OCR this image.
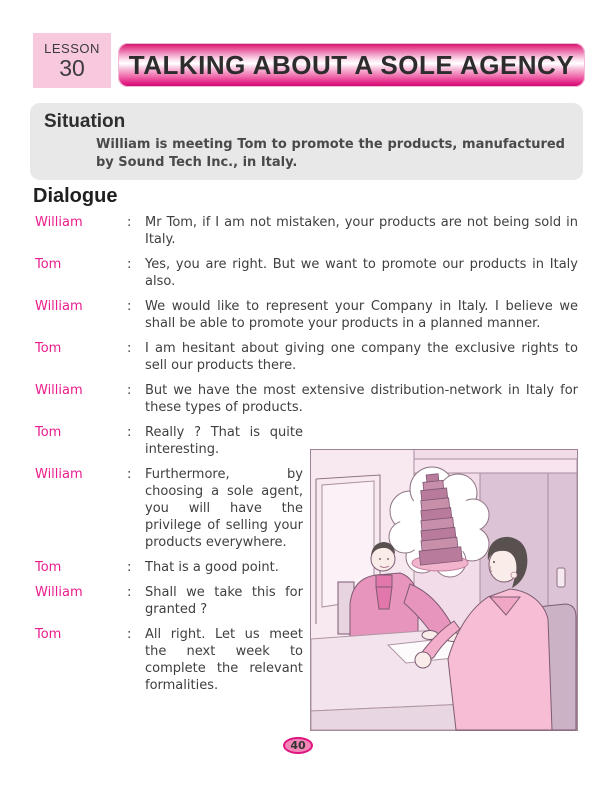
LESSON
30 TALKING ABOUT A SOLE AGENCY
Situation
William is meeting Tom to promote the products, manufactured by Sound Tech Inc., in Italy.
Dialogue
William	:	Mr Tom, if I am not mistaken, your products are not being sold in Italy.
Tom	:	Yes, you are right. But we want to promote our products in Italy also.
William	:	We would like to represent your Company in Italy. I believe we shall be able to promote your products in a planned manner.
Tom	:	I am hesitant about giving one company the exclusive rights to sell our products there.
William	:	But we have the most extensive distribution-network in Italy for these types of products.
Tom	:	Really ? That is quite interesting.
William	:	Furthermore, by choosing a sole agent, you will have the privilege of selling your products everywhere.
Tom	:	That is a good point.
William	:	Shall we take this for granted ?
Tom	:	All right. Let us meet the next week to complete the relevant formalities.
40
